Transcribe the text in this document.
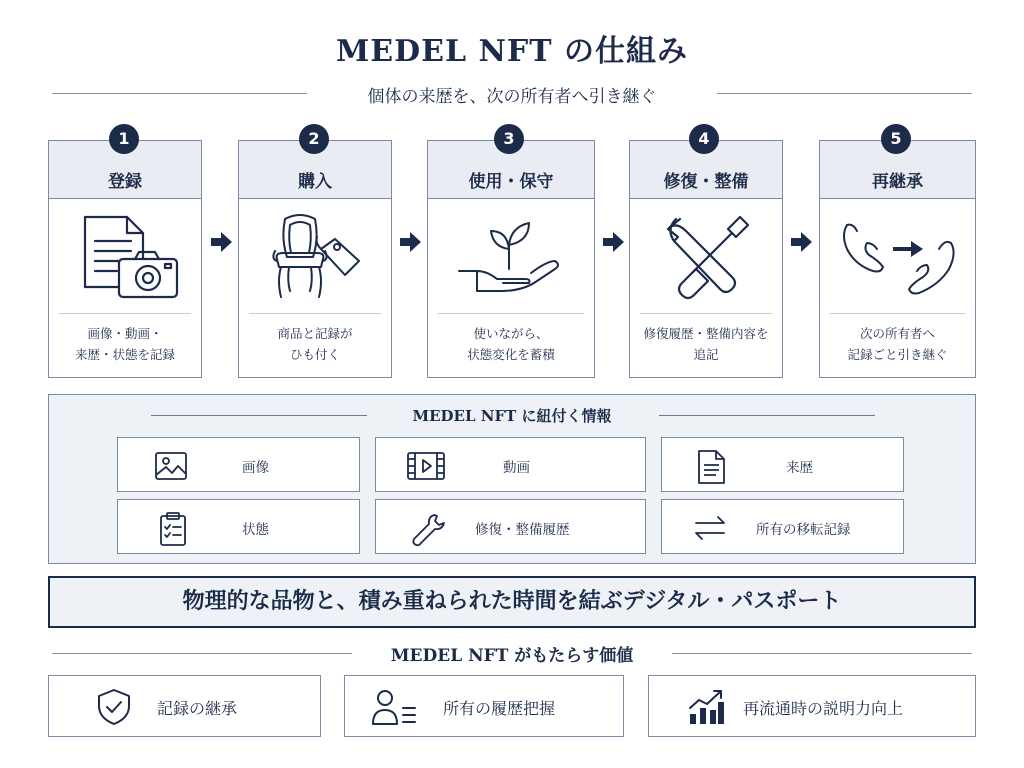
MEDEL NFT の仕組み
個体の来歴を、次の所有者へ引き継ぐ
1	2	3	4	5
登録
画像・動画・
来歴・状態を記録
購入
商品と記録が
ひも付く
使用・保守
使いながら、
状態変化を蓄積
修復・整備
修復履歴・整備内容を
追記
再継承
次の所有者へ
記録ごと引き継ぐ
MEDEL NFT に紐付く情報
画像	動画	来歴
状態	修復・整備履歴	所有の移転記録
物理的な品物と、積み重ねられた時間を結ぶデジタル・パスポート
MEDEL NFT がもたらす価値
記録の継承	所有の履歴把握	再流通時の説明力向上
